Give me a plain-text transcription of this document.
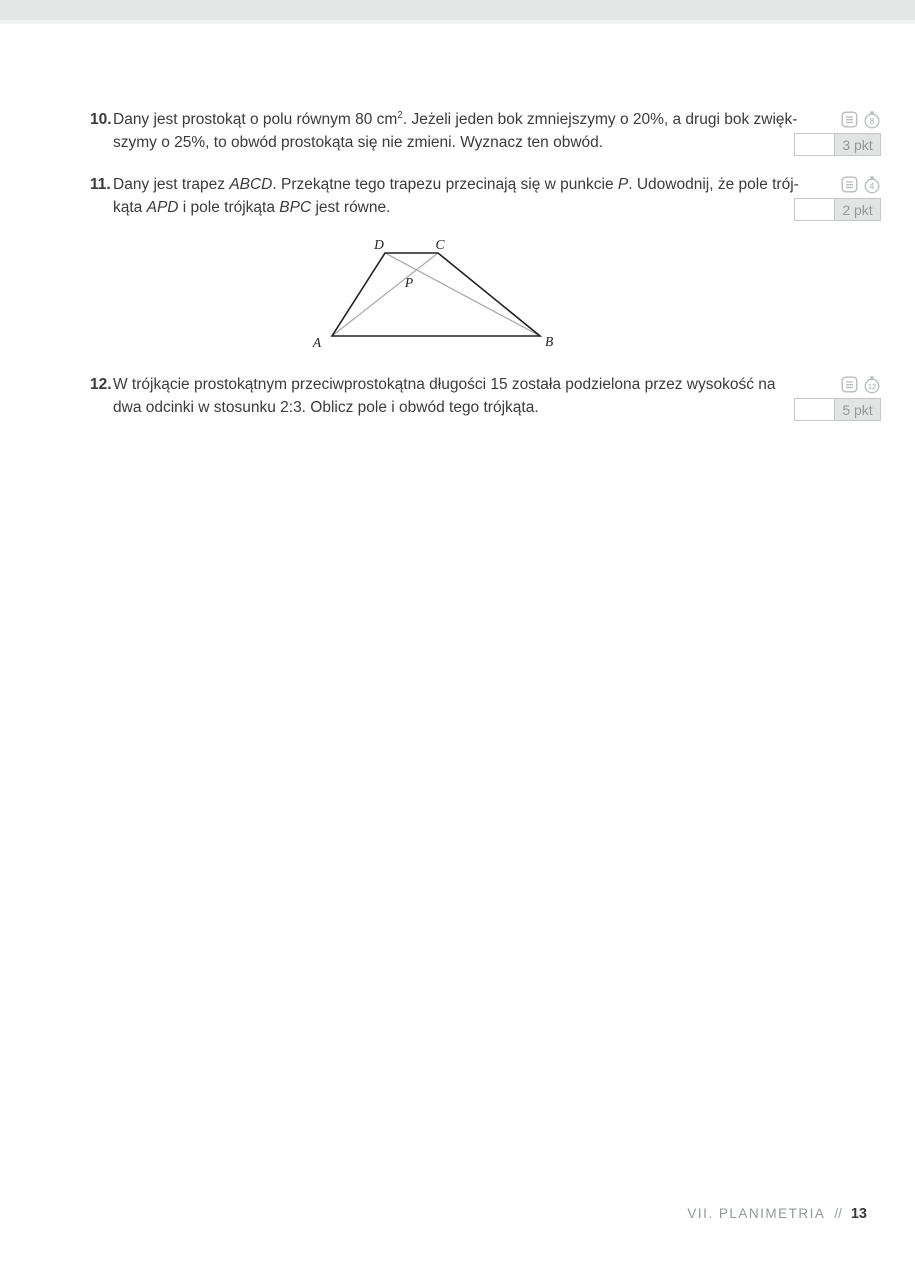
10. Dany jest prostokąt o polu równym 80 $cm^2$. Jeżeli jeden bok zmniejszymy o 20%, a drugi bok zwięk-
szymy o 25%, to obwód prostokąta się nie zmieni. Wyznacz ten obwód.
8
3 pkt
11. Dany jest trapez ABCD. Przekątne tego trapezu przecinają się w punkcie P. Udowodnij, że pole trój-
kąta APD i pole trójkąta BPC jest równe.
4
2 pkt
A	B
C
D
P
12. W trójkącie prostokątnym przeciwprostokątna długości 15 została podzielona przez wysokość na
dwa odcinki w stosunku 2:3. Oblicz pole i obwód tego trójkąta.
12
5 pkt
VII. PLANIMETRIA // 13
